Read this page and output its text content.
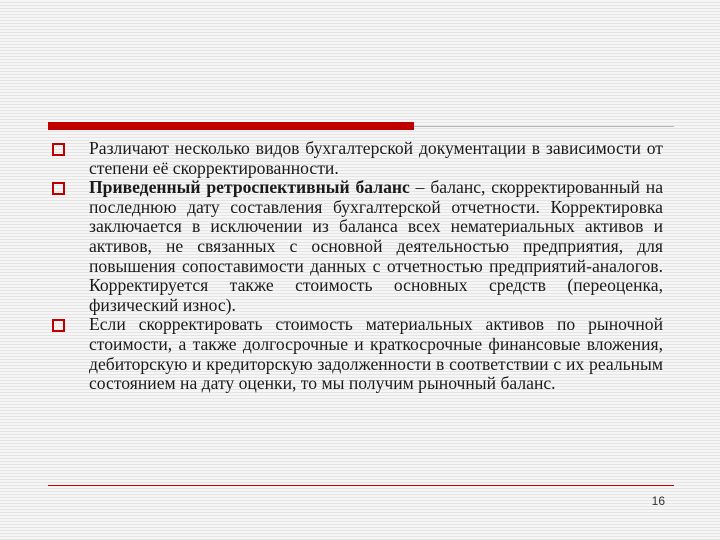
Различают несколько видов бухгалтерской документации в зависимости от степени её скорректированности.
Приведенный ретроспективный баланс – баланс, скорректированный на последнюю дату составления бухгалтерской отчетности. Корректировка заключается в исключении из баланса всех нематериальных активов и активов, не связанных с основной деятельностью предприятия, для повышения сопоставимости данных с отчетностью предприятий-аналогов. Корректируется также стоимость основных средств (переоценка, физический износ).
Если скорректировать стоимость материальных активов по рыночной стоимости, а также долгосрочные и краткосрочные финансовые вложения, дебиторскую и кредиторскую задолженности в соответствии с их реальным состоянием на дату оценки, то мы получим рыночный баланс.
16
